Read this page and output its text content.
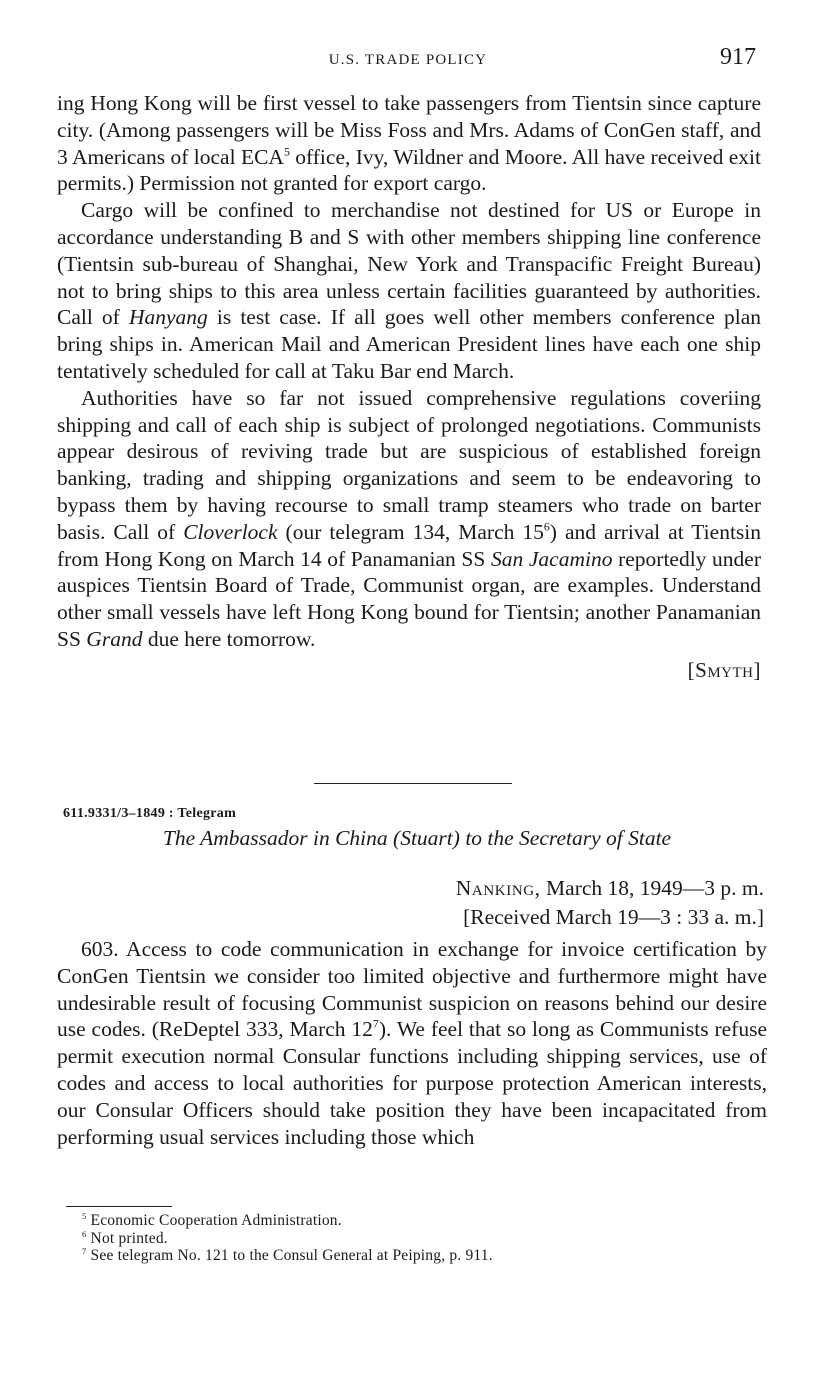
U.S. TRADE POLICY	917

ing Hong Kong will be first vessel to take passengers from Tientsin since capture city. (Among passengers will be Miss Foss and Mrs. Adams of ConGen staff, and 3 Americans of local ECA$^5$ office, Ivy, Wildner and Moore. All have received exit permits.) Permission not granted for export cargo.

Cargo will be confined to merchandise not destined for US or Europe in accordance understanding B and S with other members shipping line conference (Tientsin sub-bureau of Shanghai, New York and Transpacific Freight Bureau) not to bring ships to this area unless certain facilities guaranteed by authorities. Call of Hanyang is test case. If all goes well other members conference plan bring ships in. American Mail and American President lines have each one ship tentatively scheduled for call at Taku Bar end March.

Authorities have so far not issued comprehensive regulations coveriing shipping and call of each ship is subject of prolonged negotiations. Communists appear desirous of reviving trade but are suspicious of established foreign banking, trading and shipping organizations and seem to be endeavoring to bypass them by having recourse to small tramp steamers who trade on barter basis. Call of Cloverlock (our telegram 134, March $15^6$) and arrival at Tientsin from Hong Kong on March 14 of Panamanian SS San Jacamino reportedly under auspices Tientsin Board of Trade, Communist organ, are examples. Understand other small vessels have left Hong Kong bound for Tientsin; another Panamanian SS Grand due here tomorrow.

[Smyth]
611.9331/3–1849 : Telegram
The Ambassador in China (Stuart) to the Secretary of State
Nanking, March 18, 1949—3 p. m.
[Received March 19—3 : 33 a. m.]

603. Access to code communication in exchange for invoice certification by ConGen Tientsin we consider too limited objective and furthermore might have undesirable result of focusing Communist suspicion on reasons behind our desire use codes. (ReDeptel 333, March $12^7$). We feel that so long as Communists refuse permit execution normal Consular functions including shipping services, use of codes and access to local authorities for purpose protection American interests, our Consular Officers should take position they have been incapacitated from performing usual services including those which

$^5$ Economic Cooperation Administration.
$^6$ Not printed.
$^7$ See telegram No. 121 to the Consul General at Peiping, p. 911.
